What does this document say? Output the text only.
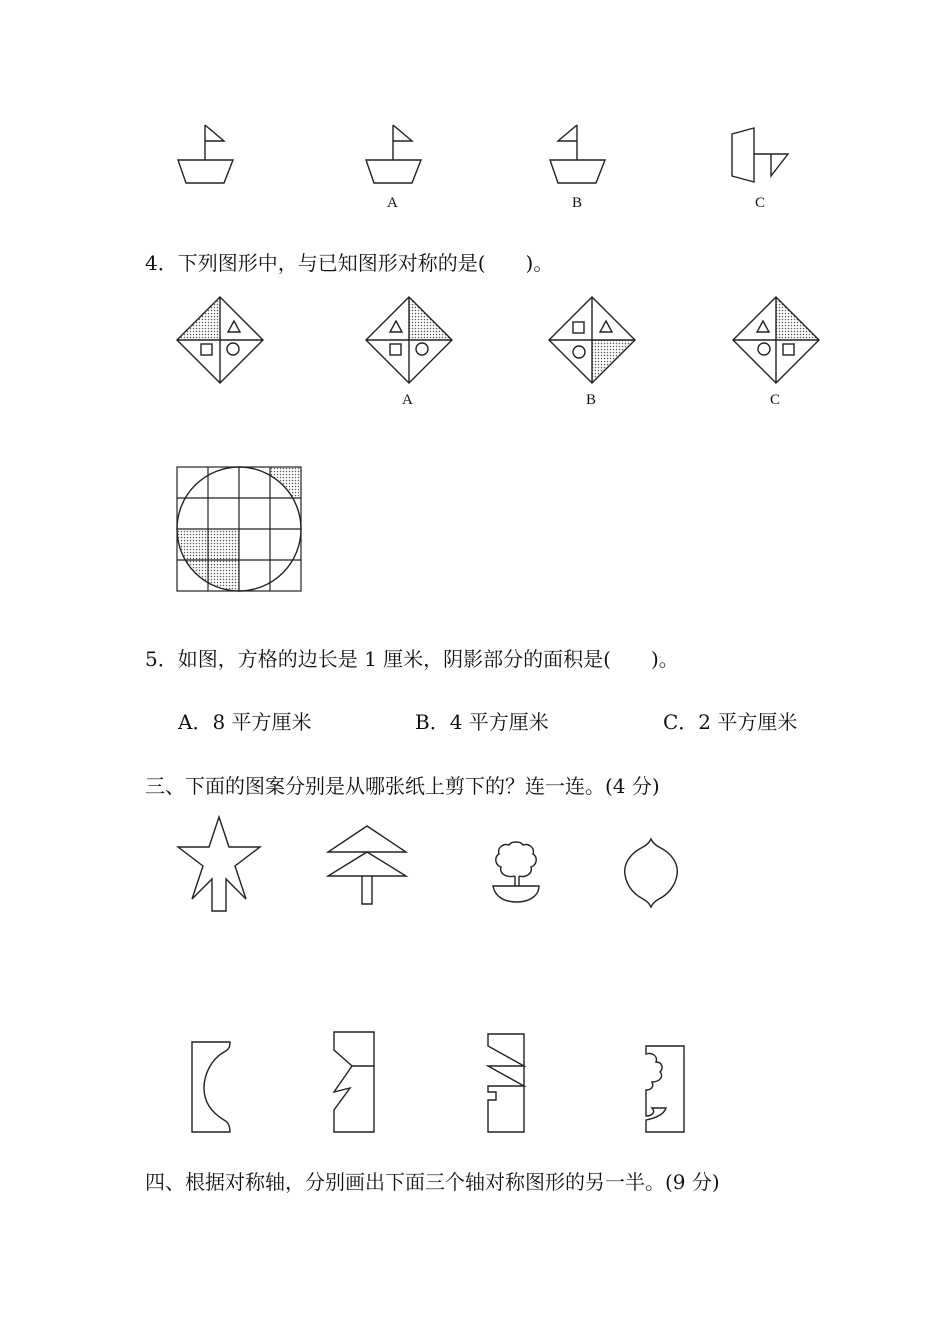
A	B	C
4．下列图形中，与已知图形对称的是(　　)。
A	B	C
5．如图，方格的边长是 1 厘米，阴影部分的面积是(　　)。
A．8 平方厘米	B．4 平方厘米	C．2 平方厘米
三、下面的图案分别是从哪张纸上剪下的？连一连。(4 分)
四、根据对称轴，分别画出下面三个轴对称图形的另一半。(9 分)
